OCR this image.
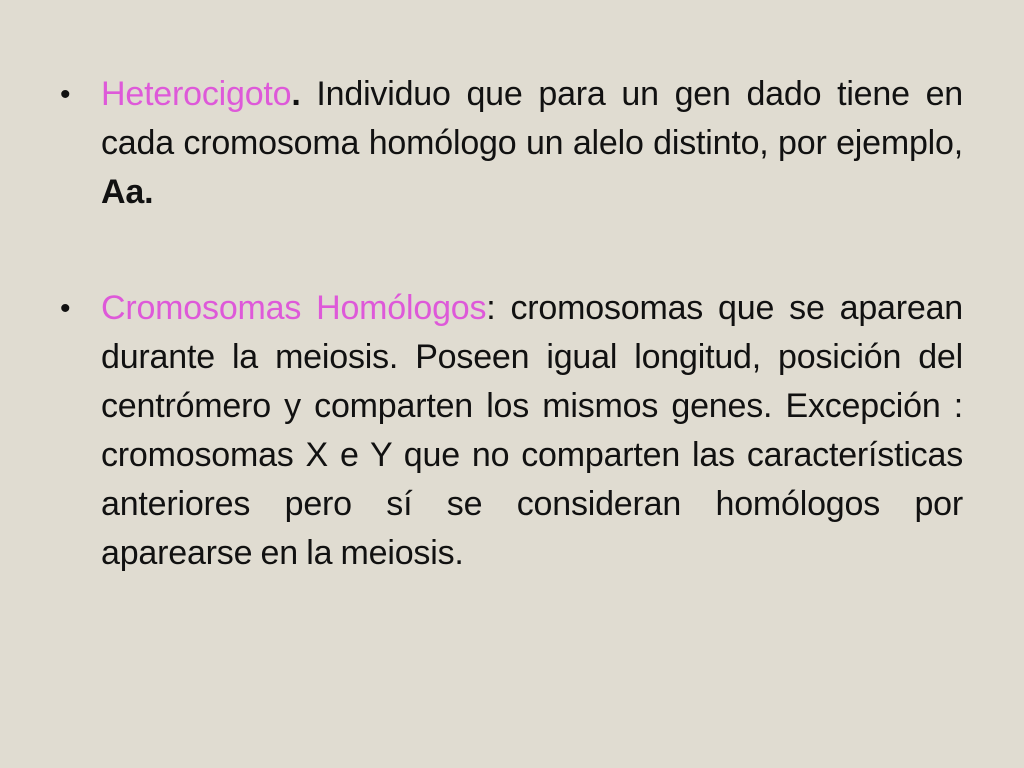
• Heterocigoto. Individuo que para un gen dado tiene en cada cromosoma homólogo un alelo distinto, por ejemplo, Aa.
• Cromosomas Homólogos: cromosomas que se aparean durante la meiosis. Poseen igual longitud, posición del centrómero y comparten los mismos genes. Excepción : cromosomas X e Y que no comparten las características anteriores pero sí se consideran homólogos por aparearse en la meiosis.
